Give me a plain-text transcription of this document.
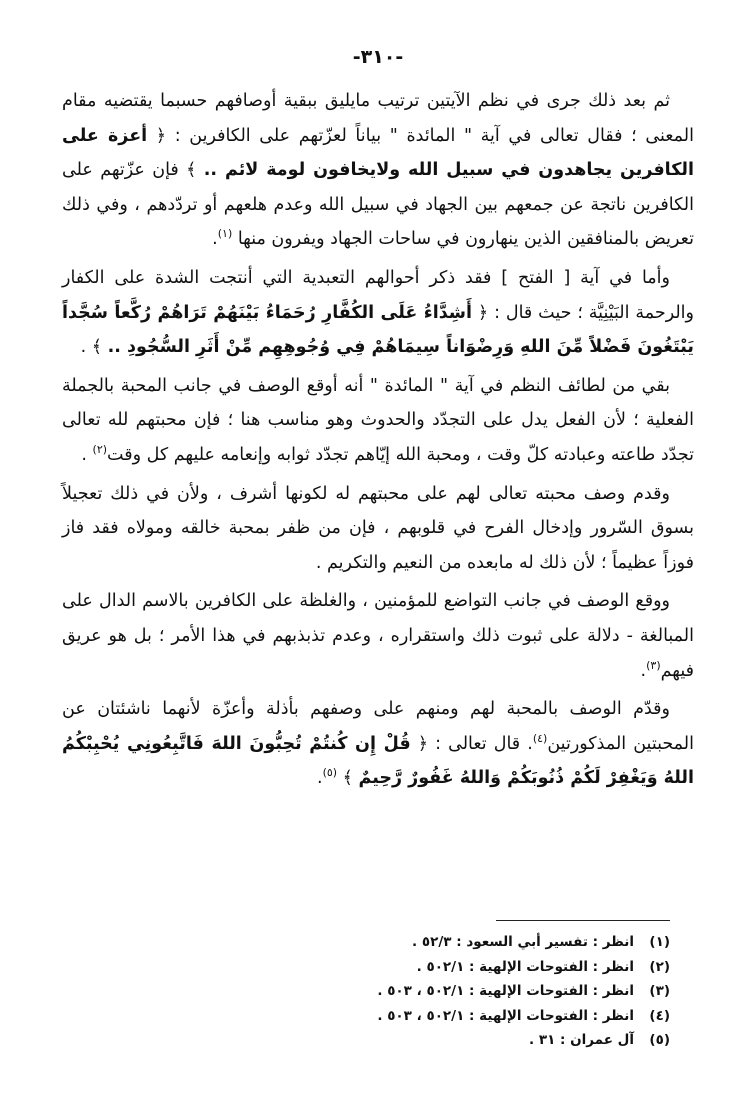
-٣١٠-

ثم بعد ذلك جرى في نظم الآيتين ترتيب مايليق ببقية أوصافهم حسبما يقتضيه مقام المعنى ؛ فقال تعالى في آية " المائدة " بياناً لعزّتهم على الكافرين : ﴿ أعزة على الكافرين يجاهدون في سبيل الله ولايخافون لومة لائم .. ﴾ فإن عزّتهم على الكافرين ناتجة عن جمعهم بين الجهاد في سبيل الله وعدم هلعهم أو تردّدهم ، وفي ذلك تعريض بالمنافقين الذين ينهارون في ساحات الجهاد ويفرون منها $^{(١)}$.

وأما في آية [ الفتح ] فقد ذكر أحوالهم التعبدية التي أنتجت الشدة على الكفار والرحمة البَيْنِيَّة ؛ حيث قال : ﴿ أَشِدَّاءُ عَلَى الكُفَّارِ رُحَمَاءُ بَيْنَهُمْ تَرَاهُمْ رُكَّعاً سُجَّداً يَبْتَغُونَ فَضْلاً مِّنَ اللهِ وَرِضْوَاناً سِيمَاهُمْ فِي وُجُوهِهِم مِّنْ أَثَرِ السُّجُودِ .. ﴾ .

بقي من لطائف النظم في آية " المائدة " أنه أوقع الوصف في جانب المحبة بالجملة الفعلية ؛ لأن الفعل يدل على التجدّد والحدوث وهو مناسب هنا ؛ فإن محبتهم لله تعالى تجدّد طاعته وعبادته كلّ وقت ، ومحبة الله إيّاهم تجدّد ثوابه وإنعامه عليهم كل وقت$^{(٢)}$ .

وقدم وصف محبته تعالى لهم على محبتهم له لكونها أشرف ، ولأن في ذلك تعجيلاً بسوق السّرور وإدخال الفرح في قلوبهم ، فإن من ظفر بمحبة خالقه ومولاه فقد فاز فوزاً عظيماً ؛ لأن ذلك له مابعده من النعيم والتكريم .

ووقع الوصف في جانب التواضع للمؤمنين ، والغلظة على الكافرين بالاسم الدال على المبالغة - دلالة على ثبوت ذلك واستقراره ، وعدم تذبذبهم في هذا الأمر ؛ بل هو عريق فيهم$^{(٣)}$.

وقدّم الوصف بالمحبة لهم ومنهم على وصفهم بأذلة وأعزّة لأنهما ناشئتان عن المحبتين المذكورتين$^{(٤)}$. قال تعالى : ﴿ قُلْ إِن كُنتُمْ تُحِبُّونَ اللهَ فَاتَّبِعُونِي يُحْبِبْكُمُ اللهُ وَيَغْفِرْ لَكُمْ ذُنُوبَكُمْ وَاللهُ غَفُورٌ رَّحِيمٌ ﴾ $^{(٥)}$.

(١)
انظر : تفسير أبي السعود : ٥٢/٣ .
(٢)
انظر : الفتوحات الإلهية : ٥٠٢/١ .
(٣)
انظر : الفتوحات الإلهية : ٥٠٢/١ ، ٥٠٣ .
(٤)
انظر : الفتوحات الإلهية : ٥٠٢/١ ، ٥٠٣ .
(٥)
آل عمران : ٣١ .
